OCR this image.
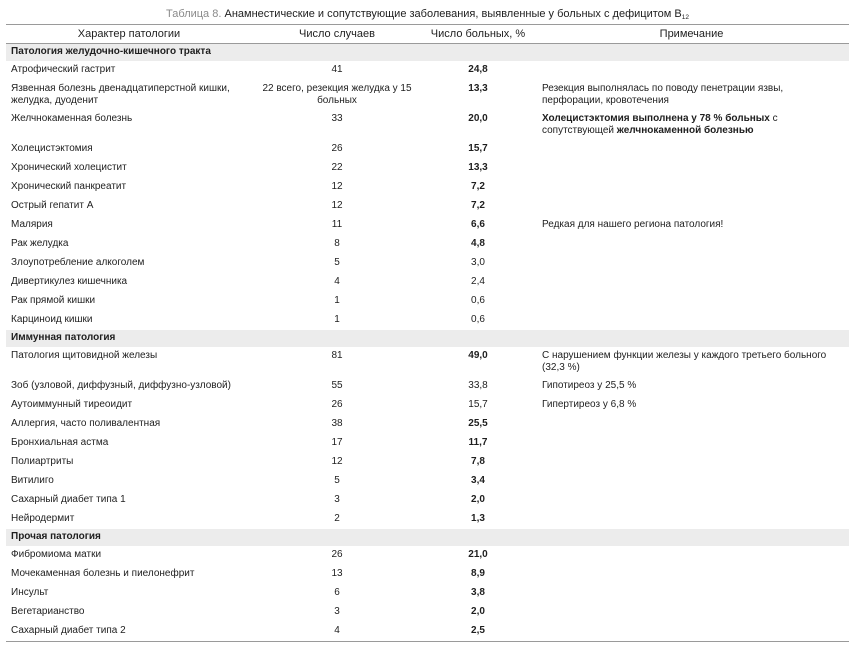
Таблица 8. Анамнестические и сопутствующие заболевания, выявленные у больных с дефицитом $B_{12}$
Характер патологии	Число случаев	Число больных, %	Примечание
Патология желудочно-кишечного тракта			
Атрофический гастрит	41	24,8	
Язвенная болезнь двенадцатиперстной кишки, желудка, дуоденит	22 всего, резекция желудка у 15 больных	13,3	Резекция выполнялась по поводу пенетрации язвы, перфорации, кровотечения
Желчнокаменная болезнь	33	20,0	Холецистэктомия выполнена у 78 % больных с сопутствующей желчнокаменной болезнью
Холецистэктомия	26	15,7	
Хронический холецистит	22	13,3	
Хронический панкреатит	12	7,2	
Острый гепатит А	12	7,2	
Малярия	11	6,6	Редкая для нашего региона патология!
Рак желудка	8	4,8	
Злоупотребление алкоголем	5	3,0	
Дивертикулез кишечника	4	2,4	
Рак прямой кишки	1	0,6	
Карциноид кишки	1	0,6	
Иммунная патология			
Патология щитовидной железы	81	49,0	С нарушением функции железы у каждого третьего больного (32,3 %)
Зоб (узловой, диффузный, диффузно-узловой)	55	33,8	Гипотиреоз у 25,5 %
Аутоиммунный тиреоидит	26	15,7	Гипертиреоз у 6,8 %
Аллергия, часто поливалентная	38	25,5	
Бронхиальная астма	17	11,7	
Полиартриты	12	7,8	
Витилиго	5	3,4	
Сахарный диабет типа 1	3	2,0	
Нейродермит	2	1,3	
Прочая патология			
Фибромиома матки	26	21,0	
Мочекаменная болезнь и пиелонефрит	13	8,9	
Инсульт	6	3,8	
Вегетарианство	3	2,0	
Сахарный диабет типа 2	4	2,5	
